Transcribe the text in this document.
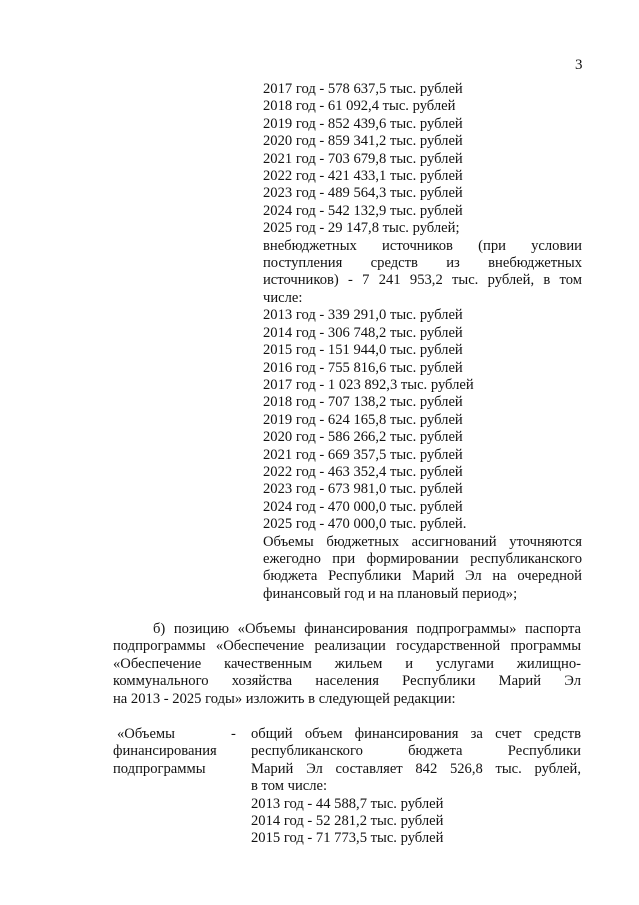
3
2017 год - 578 637,5 тыс. рублей
2018 год - 61 092,4 тыс. рублей
2019 год - 852 439,6 тыс. рублей
2020 год - 859 341,2 тыс. рублей
2021 год - 703 679,8 тыс. рублей
2022 год - 421 433,1 тыс. рублей
2023 год - 489 564,3 тыс. рублей
2024 год - 542 132,9 тыс. рублей
2025 год - 29 147,8 тыс. рублей;
внебюджетных источников (при условии
поступления средств из внебюджетных
источников) - 7 241 953,2 тыс. рублей, в том
числе:
2013 год - 339 291,0 тыс. рублей
2014 год - 306 748,2 тыс. рублей
2015 год - 151 944,0 тыс. рублей
2016 год - 755 816,6 тыс. рублей
2017 год - 1 023 892,3 тыс. рублей
2018 год - 707 138,2 тыс. рублей
2019 год - 624 165,8 тыс. рублей
2020 год - 586 266,2 тыс. рублей
2021 год - 669 357,5 тыс. рублей
2022 год - 463 352,4 тыс. рублей
2023 год - 673 981,0 тыс. рублей
2024 год - 470 000,0 тыс. рублей
2025 год - 470 000,0 тыс. рублей.
Объемы бюджетных ассигнований уточняются
ежегодно при формировании республиканского
бюджета Республики Марий Эл на очередной
финансовый год и на плановый период»;
б) позицию «Объемы финансирования подпрограммы» паспорта
подпрограммы «Обеспечение реализации государственной программы
«Обеспечение качественным жильем и услугами жилищно-
коммунального хозяйства населения Республики Марий Эл
на 2013 - 2025 годы» изложить в следующей редакции:
«Объемы
финансирования
подпрограммы
- общий объем финансирования за счет средств
республиканского бюджета Республики
Марий Эл составляет 842 526,8 тыс. рублей,
в том числе:
2013 год - 44 588,7 тыс. рублей
2014 год - 52 281,2 тыс. рублей
2015 год - 71 773,5 тыс. рублей
